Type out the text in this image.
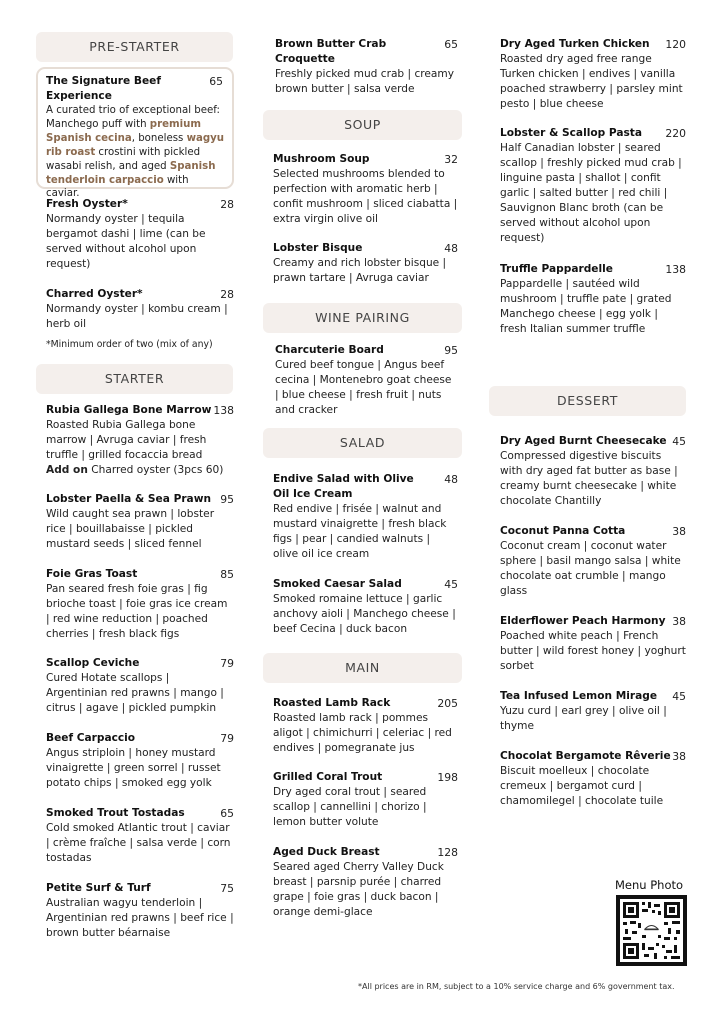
PRE-STARTER
The Signature Beef Experience
65
A curated trio of exceptional beef: Manchego puff with premium Spanish cecina, boneless wagyu rib roast crostini with pickled wasabi relish, and aged Spanish tenderloin carpaccio with caviar.
Fresh Oyster*	28
Normandy oyster | tequila bergamot dashi | lime (can be served without alcohol upon request)
Charred Oyster*	28
Normandy oyster | kombu cream | herb oil
*Minimum order of two (mix of any)
STARTER
Rubia Gallega Bone Marrow 138
Roasted Rubia Gallega bone marrow | Avruga caviar | fresh truffle | grilled focaccia bread
Add on Charred oyster (3pcs 60)
Lobster Paella & Sea Prawn 95
Wild caught sea prawn | lobster rice | bouillabaisse | pickled mustard seeds | sliced fennel
Foie Gras Toast	85
Pan seared fresh foie gras | fig brioche toast | foie gras ice cream | red wine reduction | poached cherries | fresh black figs
Scallop Ceviche	79
Cured Hotate scallops | Argentinian red prawns | mango | citrus | agave | pickled pumpkin
Beef Carpaccio	79
Angus striploin | honey mustard vinaigrette | green sorrel | russet potato chips | smoked egg yolk
Smoked Trout Tostadas	65
Cold smoked Atlantic trout | caviar | crème fraîche | salsa verde | corn tostadas
Petite Surf & Turf	75
Australian wagyu tenderloin | Argentinian red prawns | beef rice | brown butter béarnaise
Brown Butter Crab Croquette
65
Freshly picked mud crab | creamy brown butter | salsa verde
SOUP
Mushroom Soup	32
Selected mushrooms blended to perfection with aromatic herb | confit mushroom | sliced ciabatta | extra virgin olive oil
Lobster Bisque	48
Creamy and rich lobster bisque | prawn tartare | Avruga caviar
WINE PAIRING
Charcuterie Board	95
Cured beef tongue | Angus beef cecina | Montenebro goat cheese | blue cheese | fresh fruit | nuts and cracker
SALAD
Endive Salad with Olive Oil Ice Cream
48
Red endive | frisée | walnut and mustard vinaigrette | fresh black figs | pear | candied walnuts | olive oil ice cream
Smoked Caesar Salad	45
Smoked romaine lettuce | garlic anchovy aioli | Manchego cheese | beef Cecina | duck bacon
MAIN
Roasted Lamb Rack	205
Roasted lamb rack | pommes aligot | chimichurri | celeriac | red endives | pomegranate jus
Grilled Coral Trout	198
Dry aged coral trout | seared scallop | cannellini | chorizo | lemon butter volute
Aged Duck Breast	128
Seared aged Cherry Valley Duck breast | parsnip purée | charred grape | foie gras | duck bacon | orange demi-glace
Dry Aged Turken Chicken	120
Roasted dry aged free range Turken chicken | endives | vanilla poached strawberry | parsley mint pesto | blue cheese
Lobster & Scallop Pasta	220
Half Canadian lobster | seared scallop | freshly picked mud crab | linguine pasta | shallot | confit garlic | salted butter | red chili | Sauvignon Blanc broth (can be served without alcohol upon request)
Truffle Pappardelle	138
Pappardelle | sautéed wild mushroom | truffle pate | grated Manchego cheese | egg yolk | fresh Italian summer truffle
DESSERT
Dry Aged Burnt Cheesecake 45
Compressed digestive biscuits with dry aged fat butter as base | creamy burnt cheesecake | white chocolate Chantilly
Coconut Panna Cotta	38
Coconut cream | coconut water sphere | basil mango salsa | white chocolate oat crumble | mango glass
Elderflower Peach Harmony 38
Poached white peach | French butter | wild forest honey | yoghurt sorbet
Tea Infused Lemon Mirage	45
Yuzu curd | earl grey | olive oil | thyme
Chocolat Bergamote Rêverie 38
Biscuit moelleux | chocolate cremeux | bergamot curd | chamomilegel | chocolate tuile
Menu Photo
*All prices are in RM, subject to a 10% service charge and 6% government tax.
